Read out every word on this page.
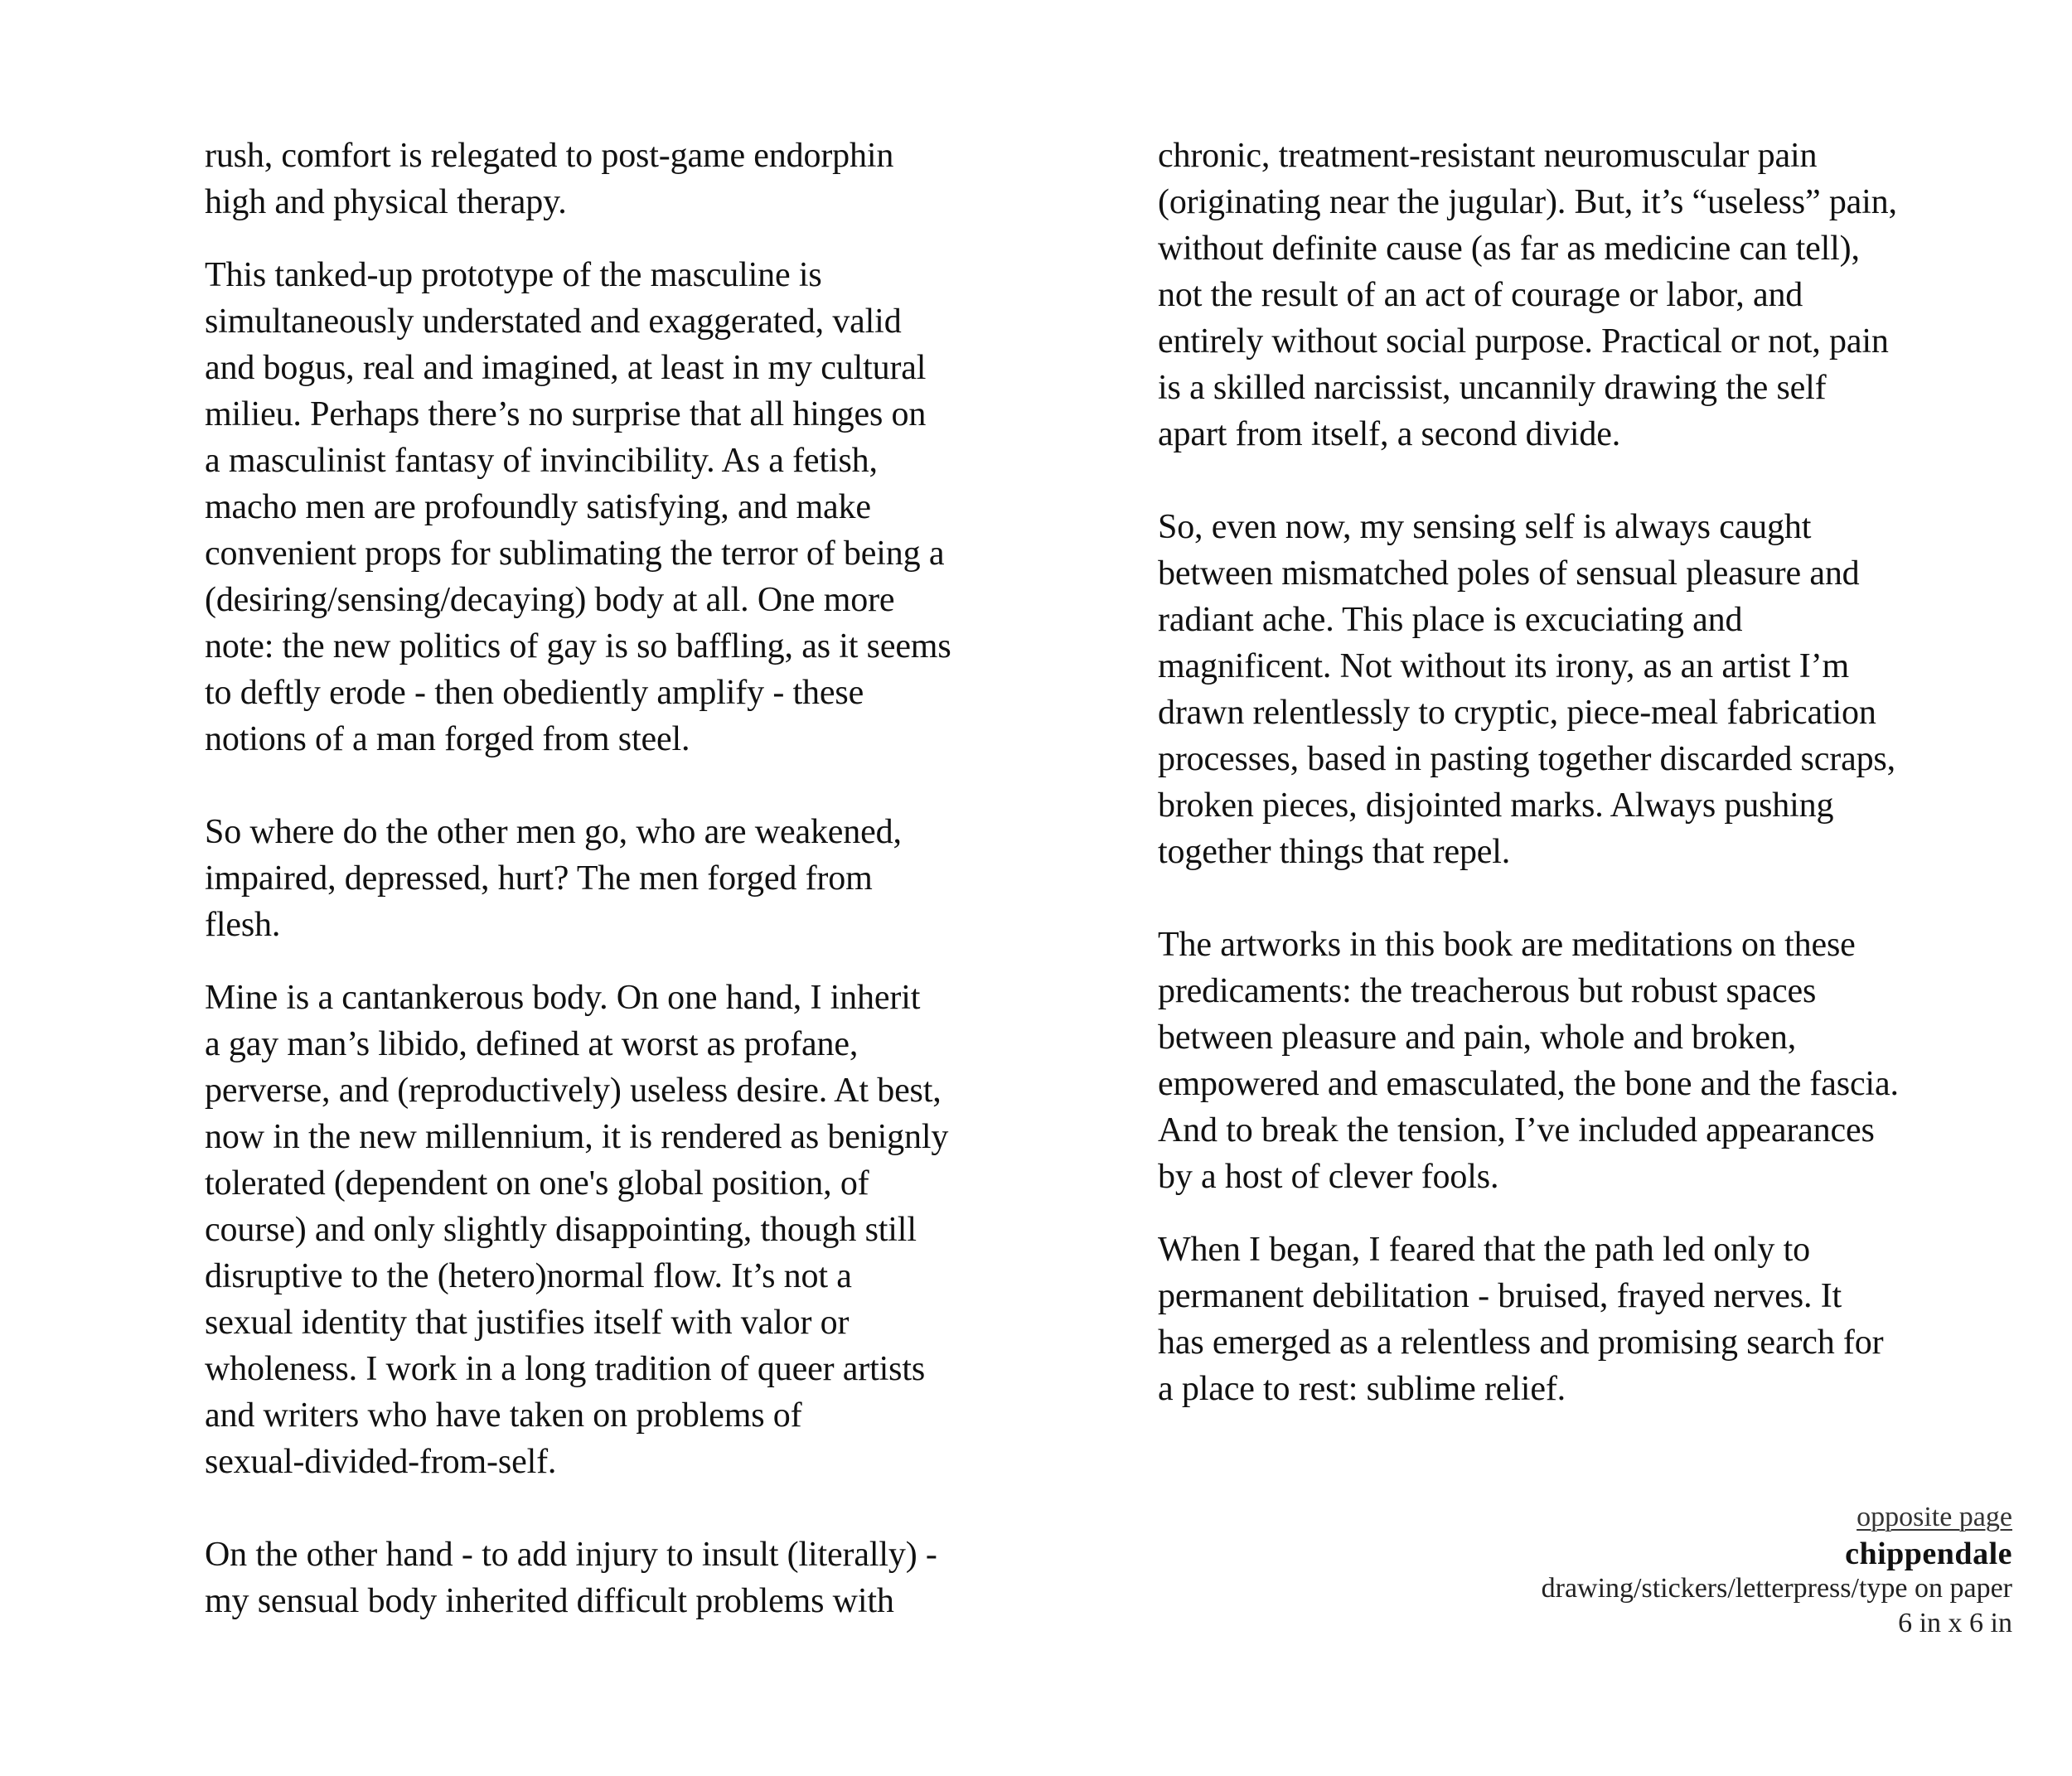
rush, comfort is relegated to post-game endorphin
high and physical therapy.

This tanked-up prototype of the masculine is
simultaneously understated and exaggerated, valid
and bogus, real and imagined, at least in my cultural
milieu. Perhaps there’s no surprise that all hinges on
a masculinist fantasy of invincibility. As a fetish,
macho men are profoundly satisfying, and make
convenient props for sublimating the terror of being a
(desiring/sensing/decaying) body at all. One more
note: the new politics of gay is so baffling, as it seems
to deftly erode - then obediently amplify - these
notions of a man forged from steel.

So where do the other men go, who are weakened,
impaired, depressed, hurt? The men forged from
flesh.

Mine is a cantankerous body. On one hand, I inherit
a gay man’s libido, defined at worst as profane,
perverse, and (reproductively) useless desire. At best,
now in the new millennium, it is rendered as benignly
tolerated (dependent on one's global position, of
course) and only slightly disappointing, though still
disruptive to the (hetero)normal flow. It’s not a
sexual identity that justifies itself with valor or
wholeness. I work in a long tradition of queer artists
and writers who have taken on problems of
sexual-divided-from-self.

On the other hand - to add injury to insult (literally) -
my sensual body inherited difficult problems with

chronic, treatment-resistant neuromuscular pain
(originating near the jugular). But, it’s “useless” pain,
without definite cause (as far as medicine can tell),
not the result of an act of courage or labor, and
entirely without social purpose. Practical or not, pain
is a skilled narcissist, uncannily drawing the self
apart from itself, a second divide.

So, even now, my sensing self is always caught
between mismatched poles of sensual pleasure and
radiant ache. This place is excuciating and
magnificent. Not without its irony, as an artist I’m
drawn relentlessly to cryptic, piece-meal fabrication
processes, based in pasting together discarded scraps,
broken pieces, disjointed marks. Always pushing
together things that repel.

The artworks in this book are meditations on these
predicaments: the treacherous but robust spaces
between pleasure and pain, whole and broken,
empowered and emasculated, the bone and the fascia.
And to break the tension, I’ve included appearances
by a host of clever fools.

When I began, I feared that the path led only to
permanent debilitation - bruised, frayed nerves. It
has emerged as a relentless and promising search for
a place to rest: sublime relief.

opposite page
chippendale
drawing/stickers/letterpress/type on paper
6 in x 6 in
